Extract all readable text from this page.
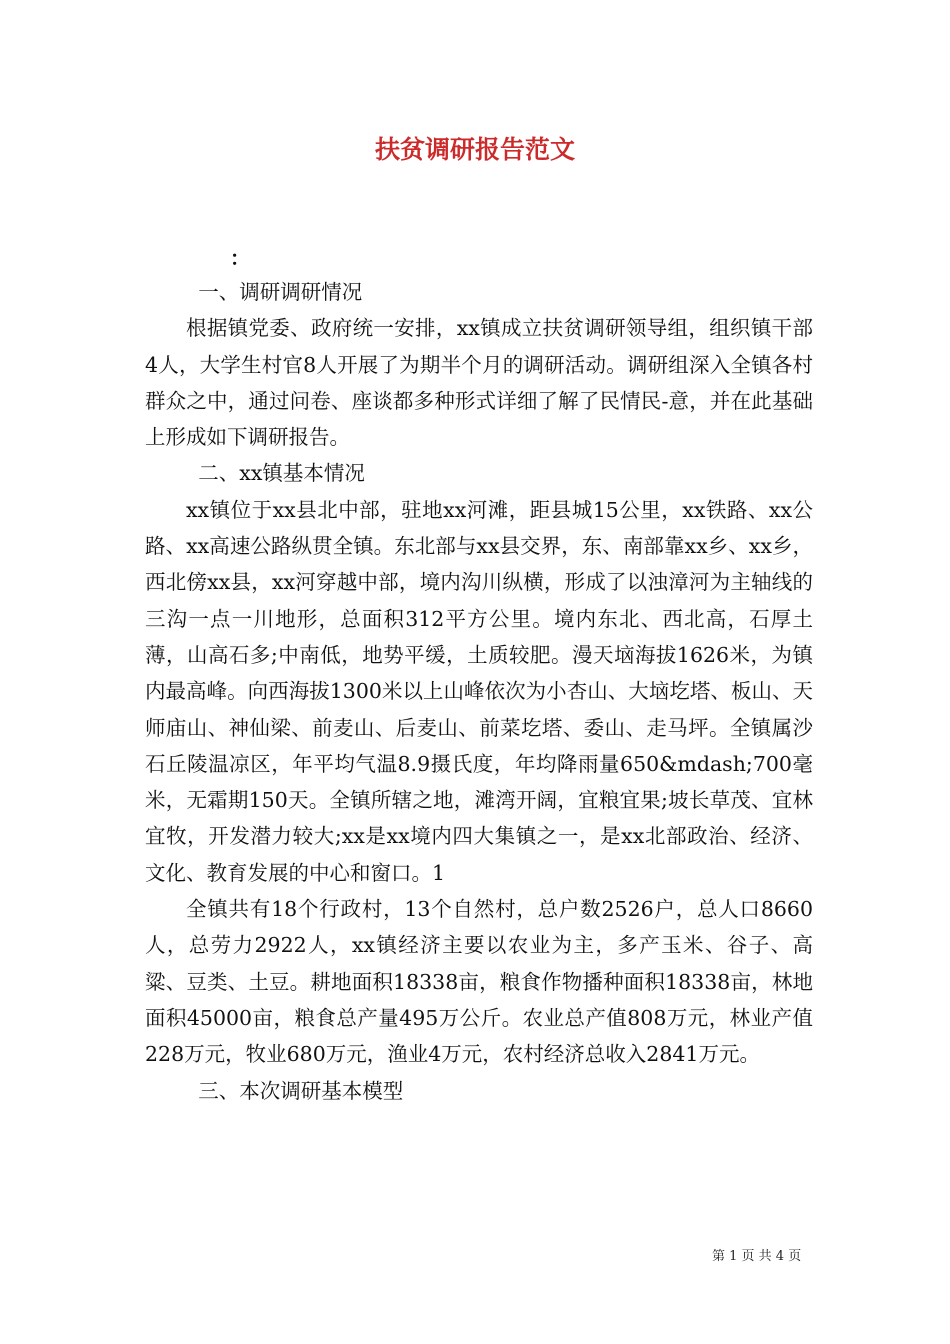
扶贫调研报告范文
：

一、调研调研情况

根据镇党委、政府统一安排，xx镇成立扶贫调研领导组，组织镇干部4人，大学生村官8人开展了为期半个月的调研活动。调研组深入全镇各村群众之中，通过问卷、座谈都多种形式详细了解了民情民-意，并在此基础上形成如下调研报告。

二、xx镇基本情况

xx镇位于xx县北中部，驻地xx河滩，距县城15公里，xx铁路、xx公路、xx高速公路纵贯全镇。东北部与xx县交界，东、南部靠xx乡、xx乡，西北傍xx县，xx河穿越中部，境内沟川纵横，形成了以浊漳河为主轴线的三沟一点一川地形，总面积312平方公里。境内东北、西北高，石厚土薄，山高石多;中南低，地势平缓，土质较肥。漫天垴海拔1626米，为镇内最高峰。向西海拔1300米以上山峰依次为小杏山、大垴圪塔、板山、天师庙山、神仙梁、前麦山、后麦山、前菜圪塔、委山、走马坪。全镇属沙石丘陵温凉区，年平均气温8.9摄氏度，年均降雨量650&mdash;700毫米，无霜期150天。全镇所辖之地，滩湾开阔，宜粮宜果;坡长草茂、宜林宜牧，开发潜力较大;xx是xx境内四大集镇之一，是xx北部政治、经济、文化、教育发展的中心和窗口。1

全镇共有18个行政村，13个自然村，总户数2526户，总人口8660人，总劳力2922人，xx镇经济主要以农业为主，多产玉米、谷子、高粱、豆类、土豆。耕地面积18338亩，粮食作物播种面积18338亩，林地面积45000亩，粮食总产量495万公斤。农业总产值808万元，林业产值228万元，牧业680万元，渔业4万元，农村经济总收入2841万元。

三、本次调研基本模型

第 1 页 共 4 页
